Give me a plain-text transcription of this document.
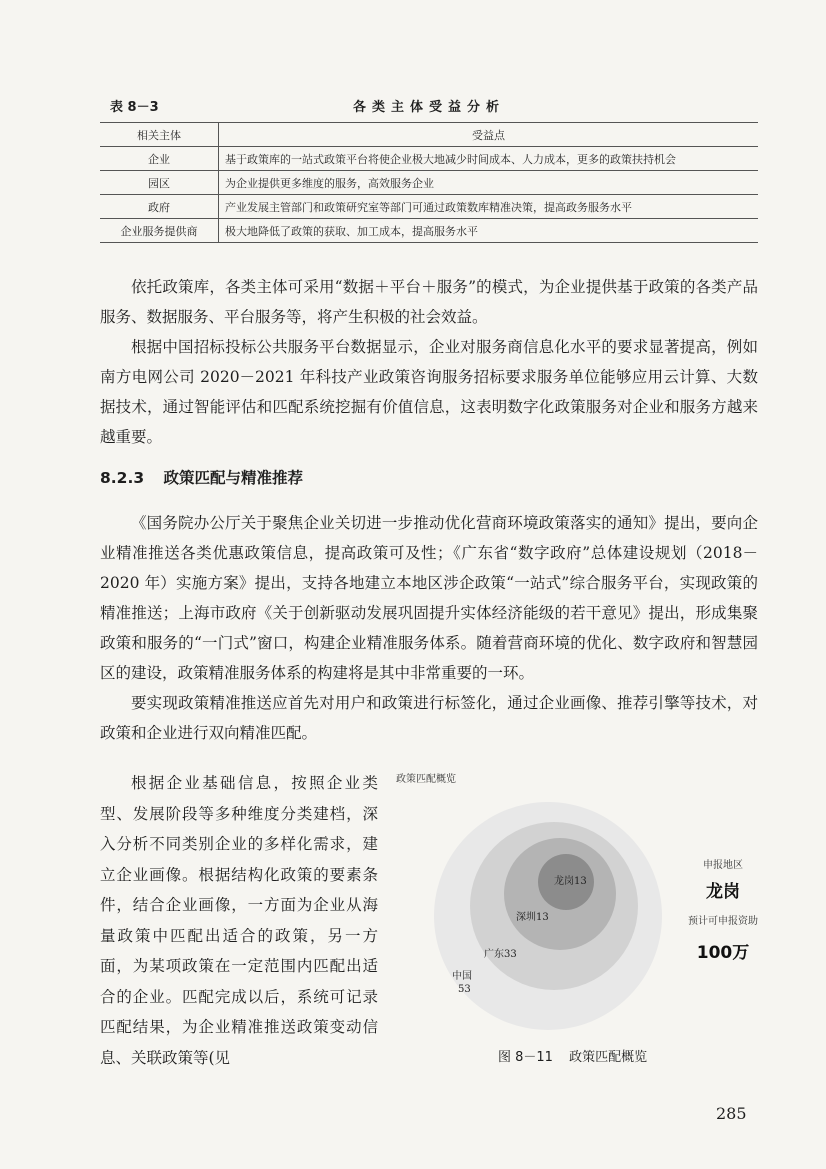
表 8－3	各类主体受益分析
相关主体	受益点
企业	基于政策库的一站式政策平台将使企业极大地减少时间成本、人力成本，更多的政策扶持机会
园区	为企业提供更多维度的服务，高效服务企业
政府	产业发展主管部门和政策研究室等部门可通过政策数库精准决策，提高政务服务水平
企业服务提供商	极大地降低了政策的获取、加工成本，提高服务水平

依托政策库，各类主体可采用“数据＋平台＋服务”的模式，为企业提供基于政策的各类产品服务、数据服务、平台服务等，将产生积极的社会效益。

根据中国招标投标公共服务平台数据显示，企业对服务商信息化水平的要求显著提高，例如南方电网公司 2020－2021 年科技产业政策咨询服务招标要求服务单位能够应用云计算、大数据技术，通过智能评估和匹配系统挖掘有价值信息，这表明数字化政策服务对企业和服务方越来越重要。

8.2.3 政策匹配与精准推荐

《国务院办公厅关于聚焦企业关切进一步推动优化营商环境政策落实的通知》提出，要向企业精准推送各类优惠政策信息，提高政策可及性；《广东省“数字政府”总体建设规划（2018－2020 年）实施方案》提出，支持各地建立本地区涉企政策“一站式”综合服务平台，实现政策的精准推送；上海市政府《关于创新驱动发展巩固提升实体经济能级的若干意见》提出，形成集聚政策和服务的“一门式”窗口，构建企业精准服务体系。随着营商环境的优化、数字政府和智慧园区的建设，政策精准服务体系的构建将是其中非常重要的一环。

要实现政策精准推送应首先对用户和政策进行标签化，通过企业画像、推荐引擎等技术，对政策和企业进行双向精准匹配。

根据企业基础信息，按照企业类型、发展阶段等多种维度分类建档，深入分析不同类别企业的多样化需求，建立企业画像。根据结构化政策的要素条件，结合企业画像，一方面为企业从海量政策中匹配出适合的政策，另一方面，为某项政策在一定范围内匹配出适合的企业。匹配完成以后，系统可记录匹配结果，为企业精准推送政策变动信息、关联政策等(见

龙岗13
深圳13
广东33
中国
53
政策匹配概览
申报地区
龙岗
预计可申报资助
100万
图 8－11 政策匹配概览
285
